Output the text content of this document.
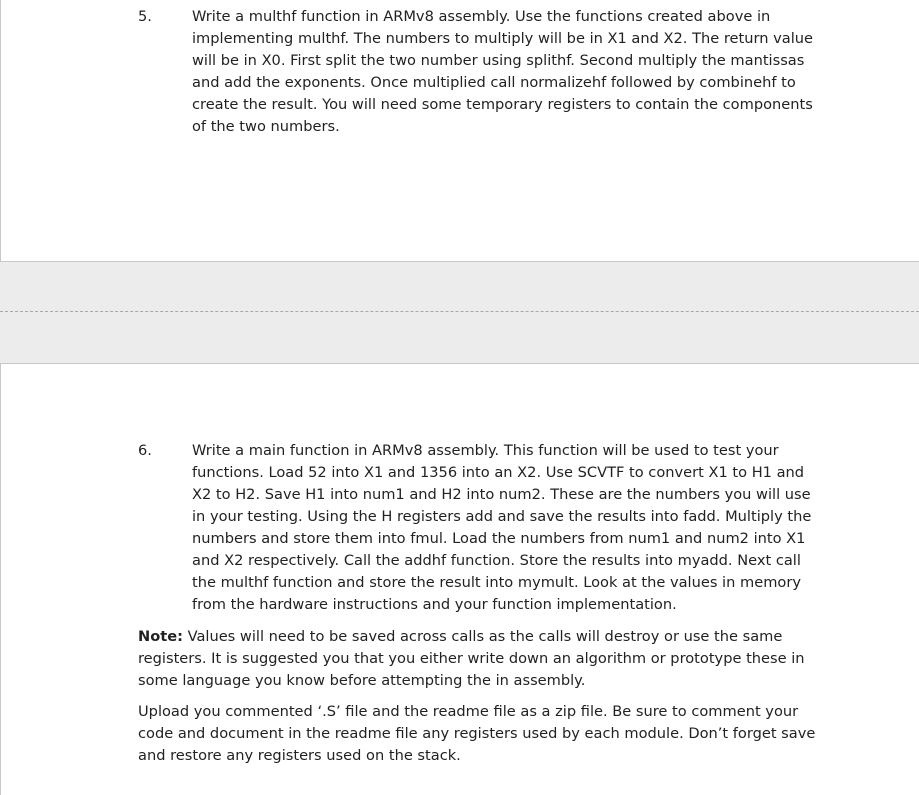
5.	Write a multhf function in ARMv8 assembly. Use the functions created above in implementing multhf. The numbers to multiply will be in X1 and X2. The return value will be in X0. First split the two number using splithf. Second multiply the mantissas and add the exponents. Once multiplied call normalizehf followed by combinehf to create the result. You will need some temporary registers to contain the components of the two numbers.

6.	Write a main function in ARMv8 assembly. This function will be used to test your functions. Load 52 into X1 and 1356 into an X2. Use SCVTF to convert X1 to H1 and X2 to H2. Save H1 into num1 and H2 into num2. These are the numbers you will use in your testing. Using the H registers add and save the results into fadd. Multiply the numbers and store them into fmul. Load the numbers from num1 and num2 into X1 and X2 respectively. Call the addhf function. Store the results into myadd. Next call the multhf function and store the result into mymult. Look at the values in memory from the hardware instructions and your function implementation.

Note: Values will need to be saved across calls as the calls will destroy or use the same registers. It is suggested you that you either write down an algorithm or prototype these in some language you know before attempting the in assembly.

Upload you commented ‘.S’ file and the readme file as a zip file. Be sure to comment your code and document in the readme file any registers used by each module. Don’t forget save and restore any registers used on the stack.
